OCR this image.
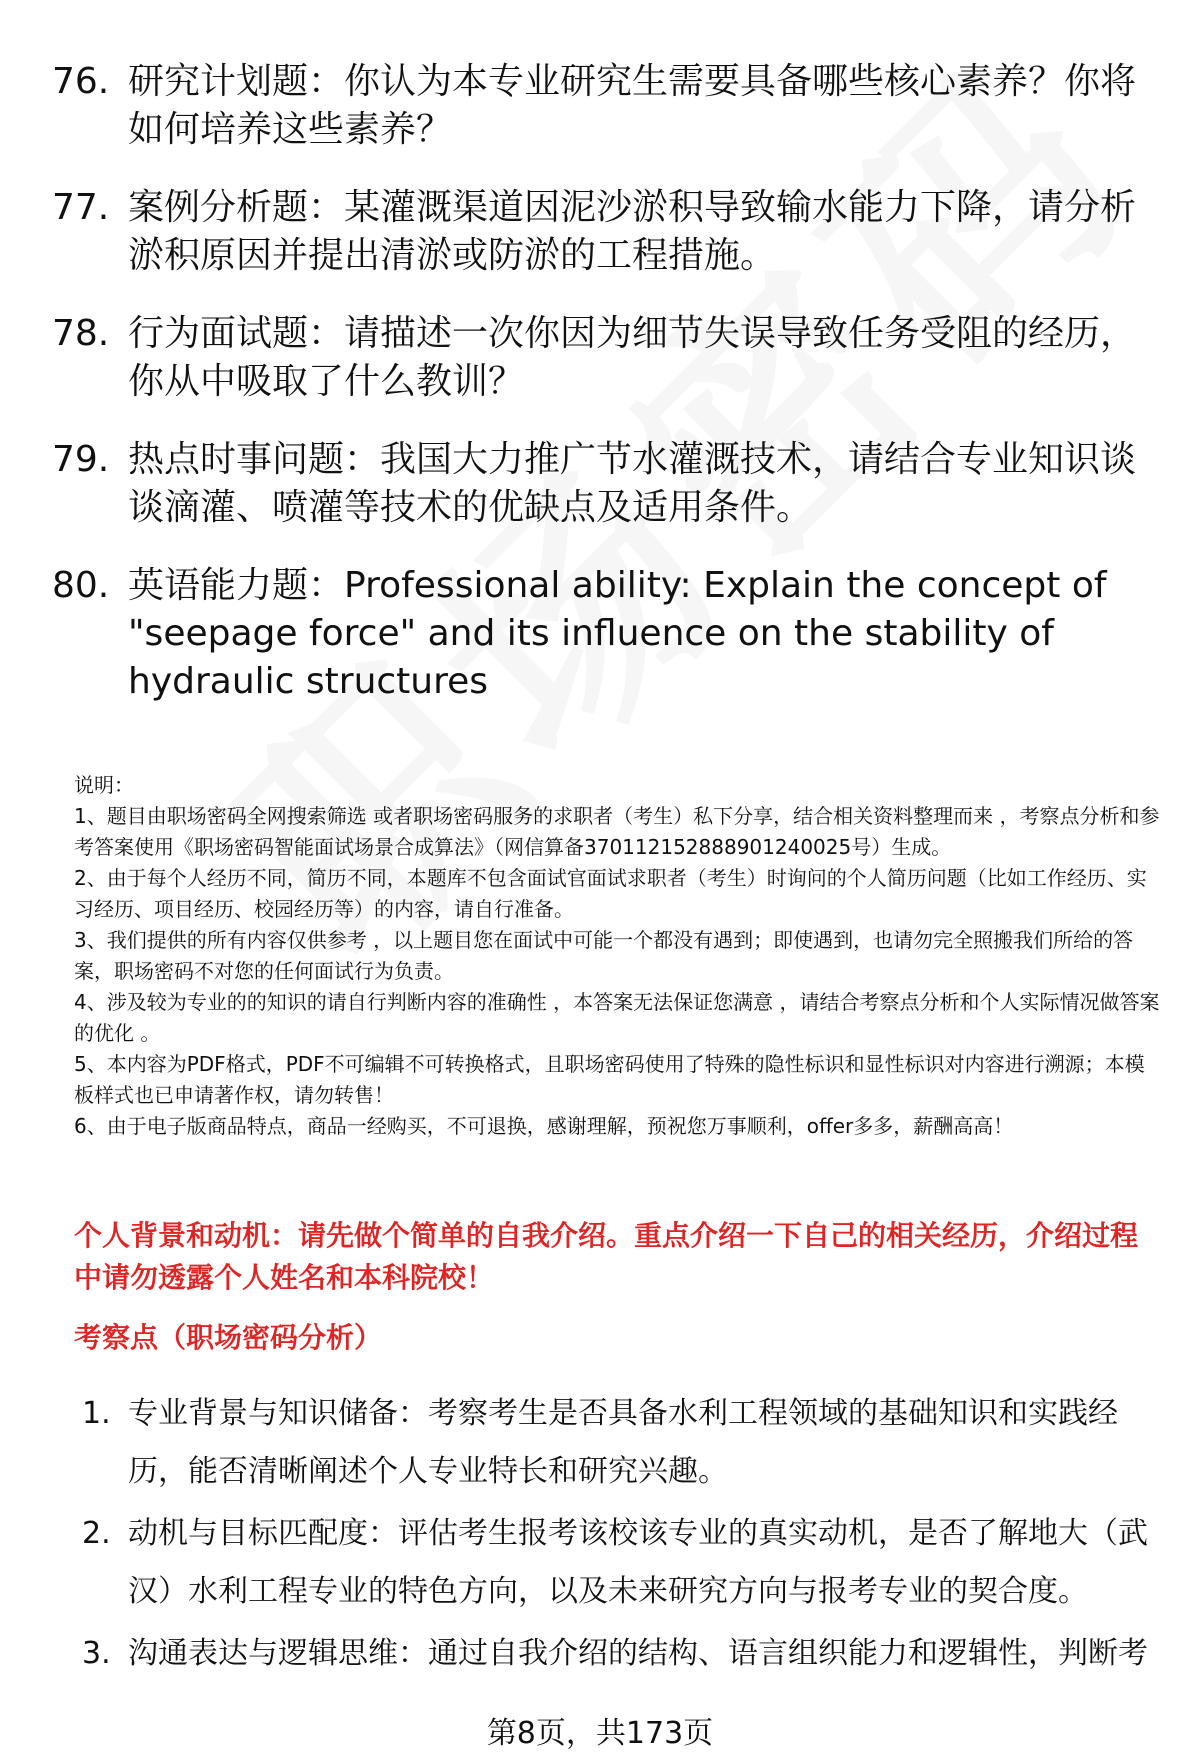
76. 研究计划题：你认为本专业研究生需要具备哪些核心素养？你将如何培养这些素养？
77. 案例分析题：某灌溉渠道因泥沙淤积导致输水能力下降，请分析淤积原因并提出清淤或防淤的工程措施。
78. 行为面试题：请描述一次你因为细节失误导致任务受阻的经历，你从中吸取了什么教训？
79. 热点时事问题：我国大力推广节水灌溉技术，请结合专业知识谈谈滴灌、喷灌等技术的优缺点及适用条件。
80. 英语能力题：Professional ability: Explain the concept of "seepage force" and its influence on the stability of hydraulic structures

说明：

1、题目由职场密码全网搜索筛选 或者职场密码服务的求职者（考生）私下分享，结合相关资料整理而来 ，考察点分析和参考答案使用《职场密码智能面试场景合成算法》（网信算备370112152888901240025号）生成。

2、由于每个人经历不同，简历不同，本题库不包含面试官面试求职者（考生）时询问的个人简历问题（比如工作经历、实习经历、项目经历、校园经历等）的内容，请自行准备。

3、我们提供的所有内容仅供参考 ，以上题目您在面试中可能一个都没有遇到；即使遇到，也请勿完全照搬我们所给的答案，职场密码不对您的任何面试行为负责。

4、涉及较为专业的的知识的请自行判断内容的准确性 ，本答案无法保证您满意 ，请结合考察点分析和个人实际情况做答案的优化 。

5、本内容为PDF格式，PDF不可编辑不可转换格式，且职场密码使用了特殊的隐性标识和显性标识对内容进行溯源；本模板样式也已申请著作权，请勿转售！

6、由于电子版商品特点，商品一经购买，不可退换，感谢理解，预祝您万事顺利，offer多多，薪酬高高！

个人背景和动机：请先做个简单的自我介绍。重点介绍一下自己的相关经历，介绍过程中请勿透露个人姓名和本科院校！
考察点（职场密码分析）
1. 专业背景与知识储备：考察考生是否具备水利工程领域的基础知识和实践经历，能否清晰阐述个人专业特长和研究兴趣。
2. 动机与目标匹配度：评估考生报考该校该专业的真实动机，是否了解地大（武汉）水利工程专业的特色方向，以及未来研究方向与报考专业的契合度。
3. 沟通表达与逻辑思维：通过自我介绍的结构、语言组织能力和逻辑性，判断考
第8页，共173页
